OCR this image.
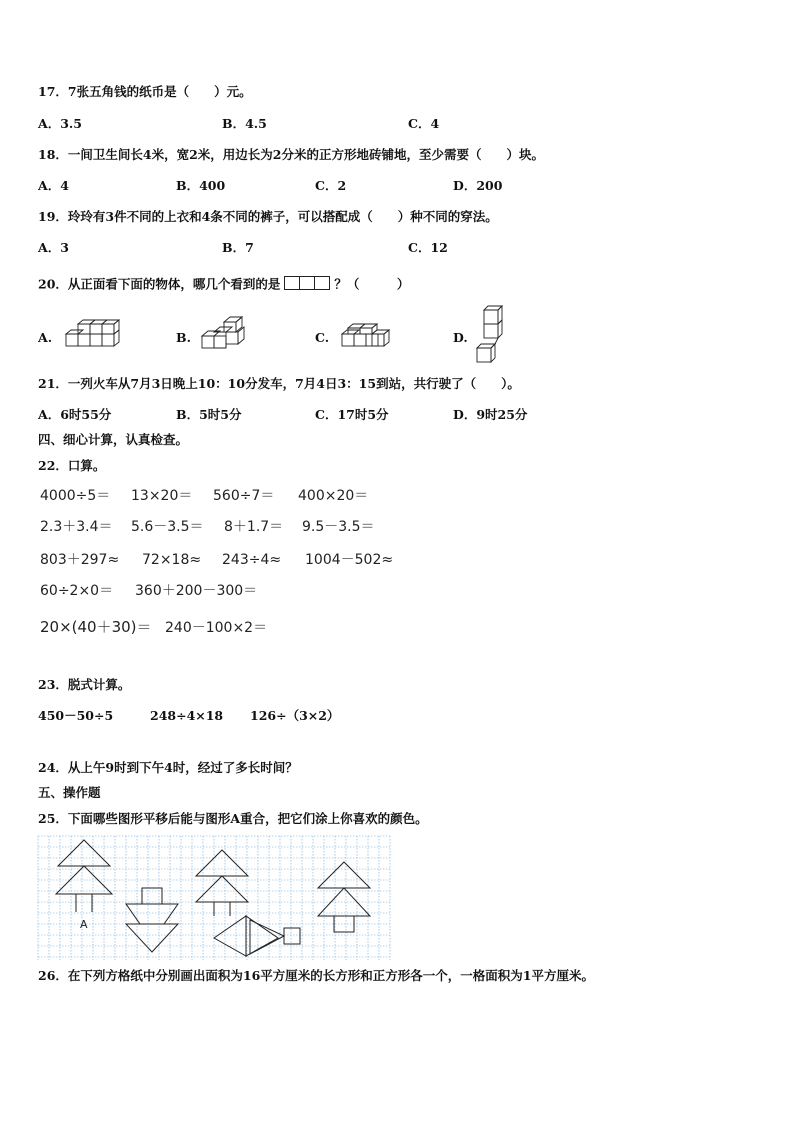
17．7张五角钱的纸币是（　　）元。
A．3.5	B．4.5	C．4
18．一间卫生间长4米，宽2米，用边长为2分米的正方形地砖铺地，至少需要（　　）块。
A．4	B．400	C．2	D．200
19．玲玲有3件不同的上衣和4条不同的裤子，可以搭配成（　　）种不同的穿法。
A．3	B．7	C．12
20．从正面看下面的物体，哪几个看到的是	？（　　　）
A.	B.	C.	D.
21．一列火车从7月3日晚上10：10分发车，7月4日3：15到站，共行驶了（　　）。
A．6时55分	B．5时5分	C．17时5分	D．9时25分
四、细心计算，认真检查。
22．口算。
4000÷5＝ 13×20＝ 560÷7＝ 400×20＝
2.3＋3.4＝ 5.6－3.5＝ 8＋1.7＝ 9.5－3.5＝
803＋297≈ 72×18≈ 243÷4≈ 1004－502≈
60÷2×0＝ 360＋200－300＝
20×(40＋30)＝ 240－100×2＝
23．脱式计算。
450－50÷5	248÷4×18 126÷（3×2）
24．从上午9时到下午4时，经过了多长时间？
五、操作题
25．下面哪些图形平移后能与图形A重合，把它们涂上你喜欢的颜色。
A
26．在下列方格纸中分别画出面积为16平方厘米的长方形和正方形各一个，一格面积为1平方厘米。
